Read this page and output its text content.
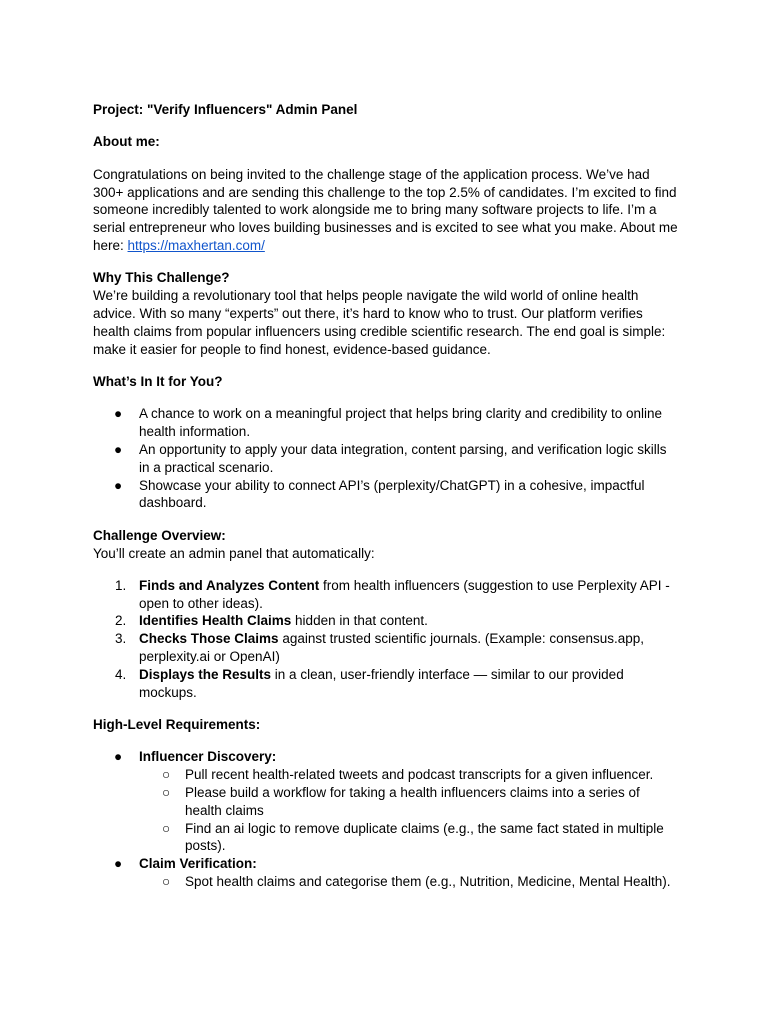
Project: "Verify Influencers" Admin Panel

About me:

Congratulations on being invited to the challenge stage of the application process. We’ve had 300+ applications and are sending this challenge to the top 2.5% of candidates. I’m excited to find someone incredibly talented to work alongside me to bring many software projects to life. I’m a serial entrepreneur who loves building businesses and is excited to see what you make. About me here: https://maxhertan.com/

Why This Challenge?

We’re building a revolutionary tool that helps people navigate the wild world of online health advice. With so many “experts” out there, it’s hard to know who to trust. Our platform verifies health claims from popular influencers using credible scientific research. The end goal is simple: make it easier for people to find honest, evidence-based guidance.

What’s In It for You?

●	A chance to work on a meaningful project that helps bring clarity and credibility to online health information.
●	An opportunity to apply your data integration, content parsing, and verification logic skills in a practical scenario.
●	Showcase your ability to connect API’s (perplexity/ChatGPT) in a cohesive, impactful dashboard.

Challenge Overview:

You’ll create an admin panel that automatically:

1. Finds and Analyzes Content from health influencers (suggestion to use Perplexity API - open to other ideas).
2. Identifies Health Claims hidden in that content.
3. Checks Those Claims against trusted scientific journals. (Example: consensus.app, perplexity.ai or OpenAI)
4. Displays the Results in a clean, user-friendly interface — similar to our provided mockups.

High-Level Requirements:

●	Influencer Discovery:
○ Pull recent health-related tweets and podcast transcripts for a given influencer.
○ Please build a workflow for taking a health influencers claims into a series of health claims
○ Find an ai logic to remove duplicate claims (e.g., the same fact stated in multiple posts).
●	Claim Verification:
○ Spot health claims and categorise them (e.g., Nutrition, Medicine, Mental Health).
